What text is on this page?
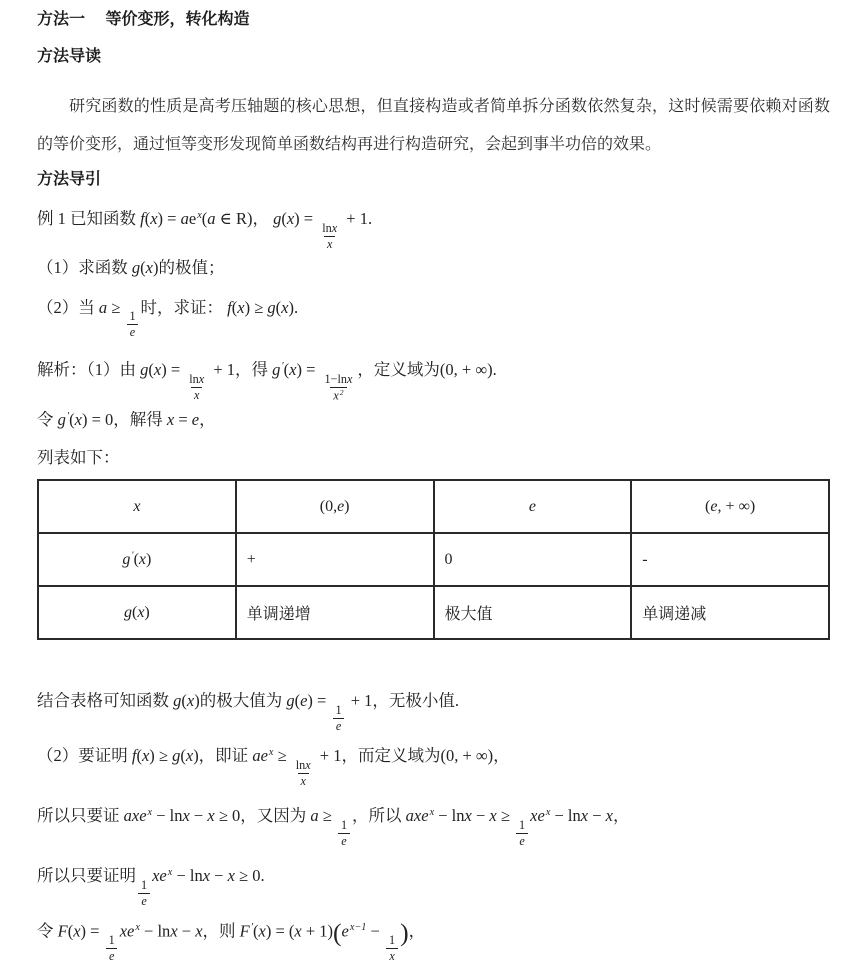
方法一　 等价变形，转化构造
方法导读
研究函数的性质是高考压轴题的核心思想，但直接构造或者简单拆分函数依然复杂，这时候需要依赖对函数的等价变形，通过恒等变形发现简单函数结构再进行构造研究，会起到事半功倍的效果。
方法导引
例 1 已知函数 $f(x) = ae^x(a$ ∈ R)， g(x) =
$\frac{\ln x}{x}$
+ 1.
（1）求函数 g(x)的极值；
（2）当 a ≥
$\frac{1}{e}$
时，求证： f(x) ≥ g(x).
解析：（1）由 g(x) =
$\frac{\ln x}{x}$
+ 1，得 g′(x) =
$\frac{1-\ln x}{x^2}$
，定义域为(0, + ∞).
令 g′(x) = 0，解得 x = e，
列表如下：
x	(0,e)	e	(e, + ∞)
g′(x)	+	0	-
g(x)	单调递增	极大值	单调递减
结合表格可知函数 g(x)的极大值为 g(e) =
$\frac{1}{e}$
+ 1，无极小值.
（2）要证明 f(x) ≥ g(x)，即证 $ae^x$ ≥
$\frac{\ln x}{x}$
+ 1，而定义域为(0, + ∞)，
所以只要证 axe$^x$ − lnx − x ≥ 0，又因为 a ≥
$\frac{1}{e}$
，所以 axe$^x$ − lnx − x ≥
$\frac{1}{e}$
$xe^x - \ln x - x$，
所以只要证明
$\frac{1}{e}$
$xe^x - \ln x - x \ge 0$.
令 F(x) =
$\frac{1}{e}$
$xe^x - \ln x - x$，则 $F'(x) = (x + 1)(e^{x-1}$ −
$\frac{1}{x}$
)，
